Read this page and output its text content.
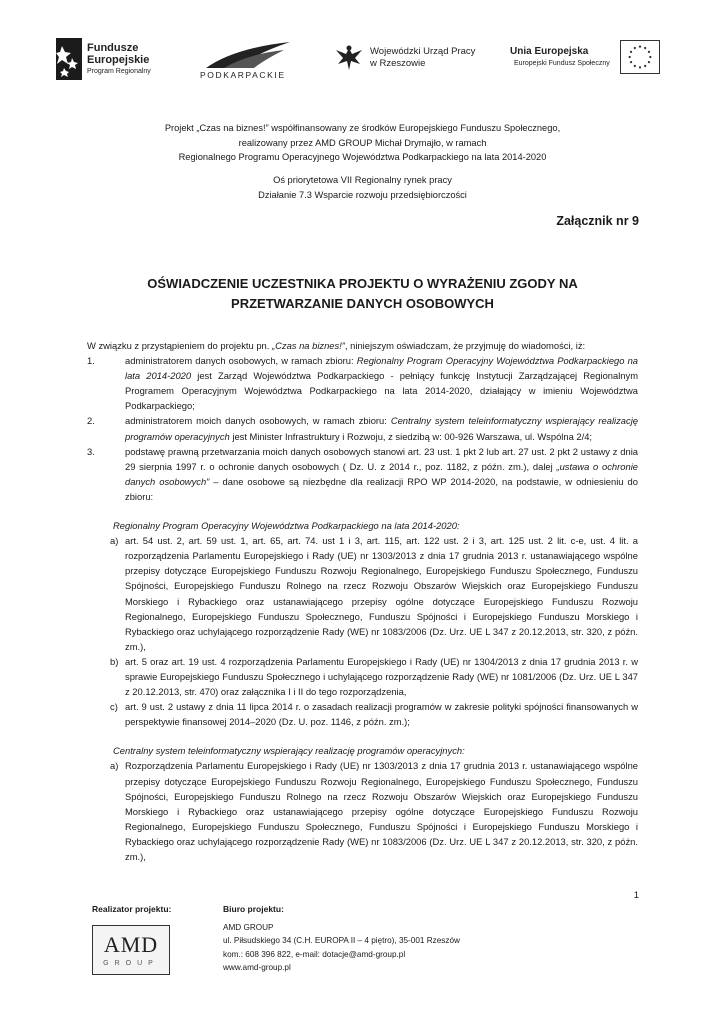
Fundusze
Europejskie
Program Regionalny	PODKARPACKIE
Wojewódzki Urząd Pracy
w Rzeszowie
Unia Europejska
Europejski Fundusz Społeczny
Projekt „Czas na biznes!” współfinansowany ze środków Europejskiego Funduszu Społecznego,
realizowany przez AMD GROUP Michał Drymajło, w ramach
Regionalnego Programu Operacyjnego Województwa Podkarpackiego na lata 2014-2020
Oś priorytetowa VII Regionalny rynek pracy
Działanie 7.3 Wsparcie rozwoju przedsiębiorczości
Załącznik nr 9
OŚWIADCZENIE UCZESTNIKA PROJEKTU O WYRAŻENIU ZGODY NA
PRZETWARZANIE DANYCH OSOBOWYCH

W związku z przystąpieniem do projektu pn. „Czas na biznes!”, niniejszym oświadczam, że przyjmuję do wiadomości, iż:

1.	administratorem danych osobowych, w ramach zbioru: Regionalny Program Operacyjny Województwa Podkarpackiego na lata 2014-2020 jest Zarząd Województwa Podkarpackiego - pełniący funkcję Instytucji Zarządzającej Regionalnym Programem Operacyjnym Województwa Podkarpackiego na lata 2014-2020, działający w imieniu Województwa Podkarpackiego;
2.	administratorem moich danych osobowych, w ramach zbioru: Centralny system teleinformatyczny wspierający realizację programów operacyjnych jest Minister Infrastruktury i Rozwoju, z siedzibą w: 00-926 Warszawa, ul. Wspólna 2/4;
3.	podstawę prawną przetwarzania moich danych osobowych stanowi art. 23 ust. 1 pkt 2 lub art. 27 ust. 2 pkt 2 ustawy z dnia 29 sierpnia 1997 r. o ochronie danych osobowych ( Dz. U. z 2014 r., poz. 1182, z późn. zm.), dalej „ustawa o ochronie danych osobowych” – dane osobowe są niezbędne dla realizacji RPO WP 2014-2020, na podstawie, w odniesieniu do zbioru:

Regionalny Program Operacyjny Województwa Podkarpackiego na lata 2014-2020:

a) art. 54 ust. 2, art. 59 ust. 1, art. 65, art. 74. ust 1 i 3, art. 115, art. 122 ust. 2 i 3, art. 125 ust. 2 lit. c-e, ust. 4 lit. a rozporządzenia Parlamentu Europejskiego i Rady (UE) nr 1303/2013 z dnia 17 grudnia 2013 r. ustanawiającego wspólne przepisy dotyczące Europejskiego Funduszu Rozwoju Regionalnego, Europejskiego Funduszu Społecznego, Funduszu Spójności, Europejskiego Funduszu Rolnego na rzecz Rozwoju Obszarów Wiejskich oraz Europejskiego Funduszu Morskiego i Rybackiego oraz ustanawiającego przepisy ogólne dotyczące Europejskiego Funduszu Rozwoju Regionalnego, Europejskiego Funduszu Społecznego, Funduszu Spójności i Europejskiego Funduszu Morskiego i Rybackiego oraz uchylającego rozporządzenie Rady (WE) nr 1083/2006 (Dz. Urz. UE L 347 z 20.12.2013, str. 320, z późn. zm.),
b) art. 5 oraz art. 19 ust. 4 rozporządzenia Parlamentu Europejskiego i Rady (UE) nr 1304/2013 z dnia 17 grudnia 2013 r. w sprawie Europejskiego Funduszu Społecznego i uchylającego rozporządzenie Rady (WE) nr 1081/2006 (Dz. Urz. UE L 347 z 20.12.2013, str. 470) oraz załącznika I i II do tego rozporządzenia,
c) art. 9 ust. 2 ustawy z dnia 11 lipca 2014 r. o zasadach realizacji programów w zakresie polityki spójności finansowanych w perspektywie finansowej 2014–2020 (Dz. U. poz. 1146, z późn. zm.);

Centralny system teleinformatyczny wspierający realizację programów operacyjnych:

a) Rozporządzenia Parlamentu Europejskiego i Rady (UE) nr 1303/2013 z dnia 17 grudnia 2013 r. ustanawiającego wspólne przepisy dotyczące Europejskiego Funduszu Rozwoju Regionalnego, Europejskiego Funduszu Społecznego, Funduszu Spójności, Europejskiego Funduszu Rolnego na rzecz Rozwoju Obszarów Wiejskich oraz Europejskiego Funduszu Morskiego i Rybackiego oraz ustanawiającego przepisy ogólne dotyczące Europejskiego Funduszu Rozwoju Regionalnego, Europejskiego Funduszu Społecznego, Funduszu Spójności i Europejskiego Funduszu Morskiego i Rybackiego oraz uchylającego rozporządzenie Rady (WE) nr 1083/2006 (Dz. Urz. UE L 347 z 20.12.2013, str. 320, z późn. zm.),
1
Realizator projektu:	Biuro projektu:
AMD
GROUP
AMD GROUP
ul. Piłsudskiego 34 (C.H. EUROPA II – 4 piętro), 35-001 Rzeszów
kom.: 608 396 822, e-mail: dotacje@amd-group.pl
www.amd-group.pl
